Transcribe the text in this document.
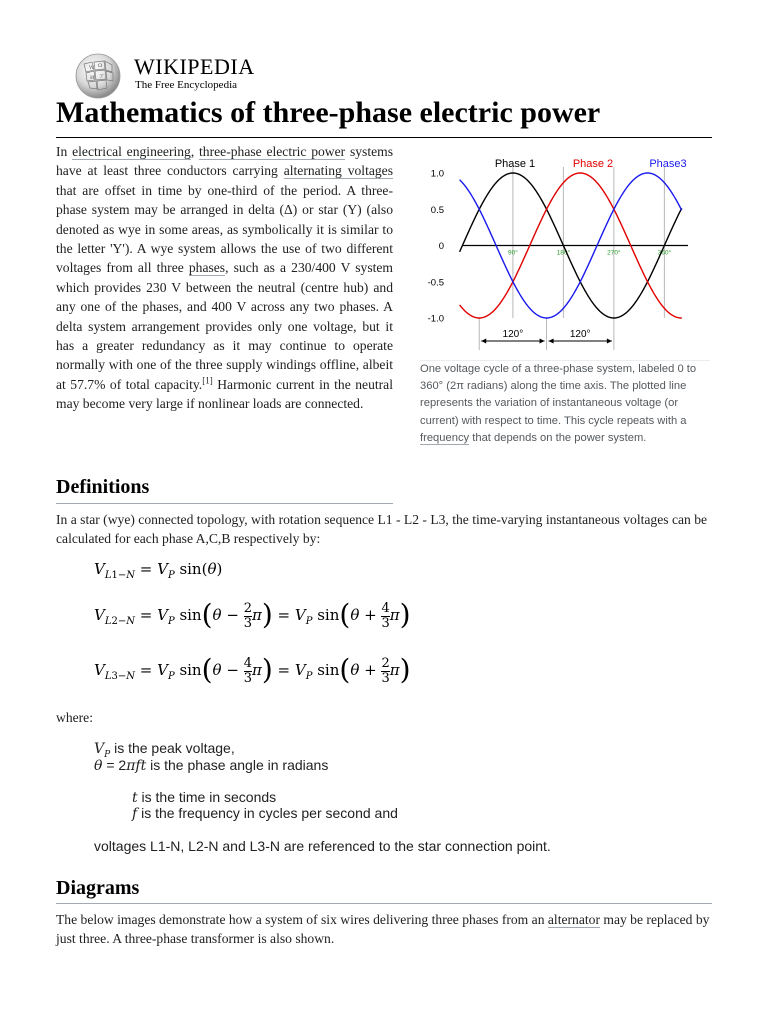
W Ω
И ア WIKIPEDIA
The Free Encyclopedia
Mathematics of three-phase electric power

In electrical engineering, three-phase electric power systems have at least three conductors carrying alternating voltages that are offset in time by one-third of the period. A three-phase system may be arranged in delta (Δ) or star (Y) (also denoted as wye in some areas, as symbolically it is similar to the letter 'Y'). A wye system allows the use of two different voltages from all three phases, such as a 230/400 V system which provides 230 V between the neutral (centre hub) and any one of the phases, and 400 V across any two phases. A delta system arrangement provides only one voltage, but it has a greater redundancy as it may continue to operate normally with one of the three supply windings offline, albeit at 57.7% of total capacity.[1] Harmonic current in the neutral may become very large if nonlinear loads are connected.

1.0
0.5
0
-0.5
-1.0
90°	180°	270°	360°
Phase 1	Phase 2	Phase3
120°	120°

One voltage cycle of a three-phase system, labeled 0 to 360° (2π radians) along the time axis. The plotted line represents the variation of instantaneous voltage (or current) with respect to time. This cycle repeats with a frequency that depends on the power system.

Definitions

In a star (wye) connected topology, with rotation sequence L1 - L2 - L3, the time-varying instantaneous voltages can be calculated for each phase A,C,B respectively by:

$V_{L1-N} = V_P$ sin(θ)
$V_{L2-N} = V_P$ $\sin(\theta - \frac{2}{3} \pi) = V_P$ $\sin(\theta + \frac{4}{3} \pi)$
$V_{L3-N} = V_P$ $\sin(\theta - \frac{4}{3} \pi) = V_P$ $\sin(\theta + \frac{2}{3} \pi)$

where:

$V_P$ is the peak voltage,
θ = 2πft is the phase angle in radians
t is the time in seconds
f is the frequency in cycles per second and
voltages L1-N, L2-N and L3-N are referenced to the star connection point.
Diagrams

The below images demonstrate how a system of six wires delivering three phases from an alternator may be replaced by just three. A three-phase transformer is also shown.
